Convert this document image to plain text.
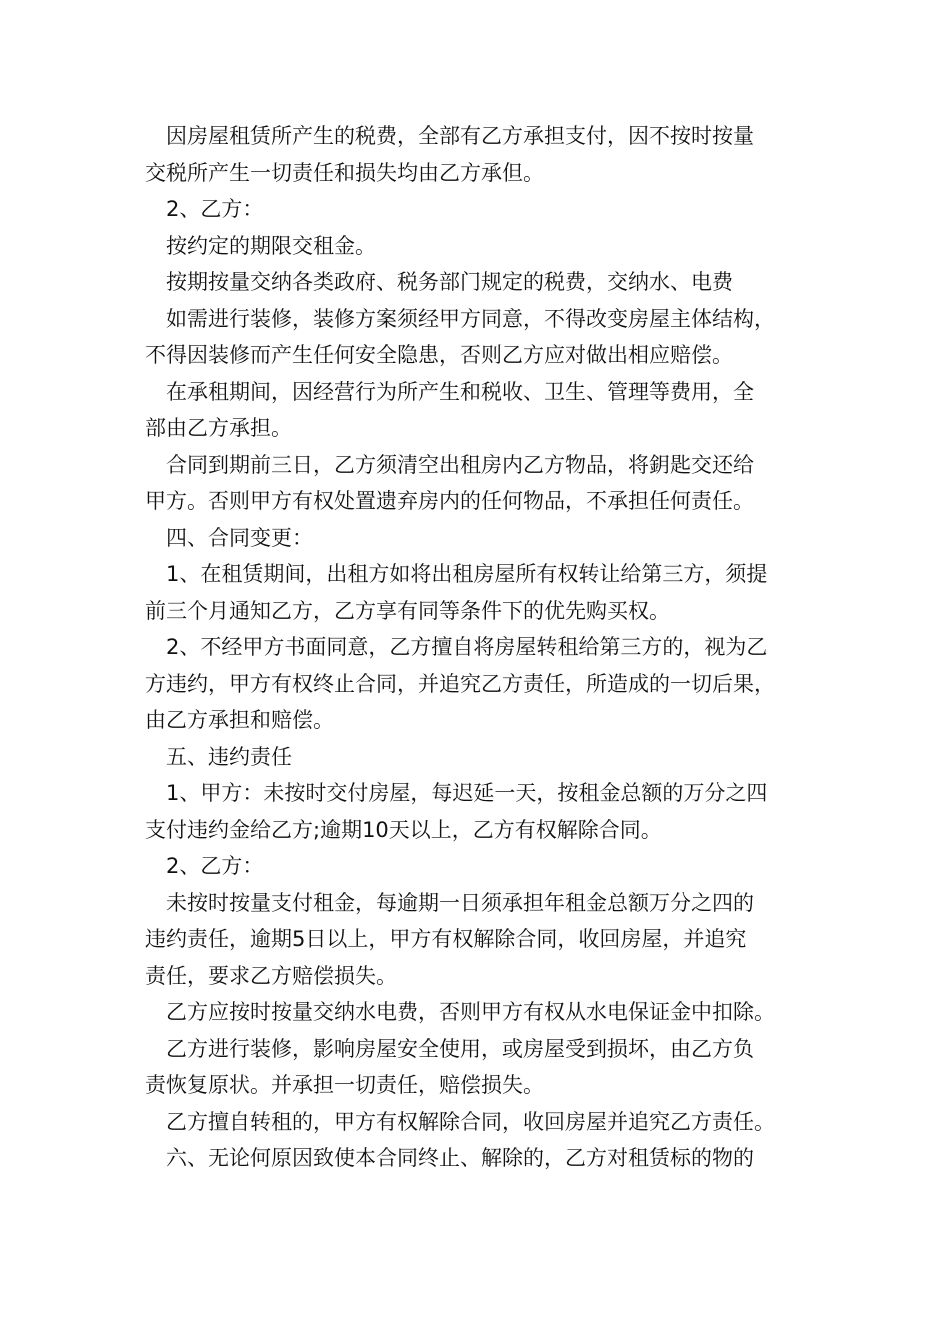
因房屋租赁所产生的税费，全部有乙方承担支付，因不按时按量

交税所产生一切责任和损失均由乙方承但。

2、乙方：

按约定的期限交租金。

按期按量交纳各类政府、税务部门规定的税费，交纳水、电费

如需进行装修，装修方案须经甲方同意，不得改变房屋主体结构，

不得因装修而产生任何安全隐患，否则乙方应对做出相应赔偿。

在承租期间，因经营行为所产生和税收、卫生、管理等费用，全

部由乙方承担。

合同到期前三日，乙方须清空出租房内乙方物品，将鈅匙交还给

甲方。否则甲方有权处置遗弃房内的任何物品，不承担任何责任。

四、合同变更：

1、在租赁期间，出租方如将出租房屋所有权转让给第三方，须提

前三个月通知乙方，乙方享有同等条件下的优先购买权。

2、不经甲方书面同意，乙方擅自将房屋转租给第三方的，视为乙

方违约，甲方有权终止合同，并追究乙方责任，所造成的一切后果，

由乙方承担和赔偿。

五、违约责任

1、甲方：未按时交付房屋，每迟延一天，按租金总额的万分之四

支付违约金给乙方;逾期10天以上，乙方有权解除合同。

2、乙方：

未按时按量支付租金，每逾期一日须承担年租金总额万分之四的

违约责任，逾期5日以上，甲方有权解除合同，收回房屋，并追究

责任，要求乙方赔偿损失。

乙方应按时按量交纳水电费，否则甲方有权从水电保证金中扣除。

乙方进行装修，影响房屋安全使用，或房屋受到损坏，由乙方负

责恢复原状。并承担一切责任，赔偿损失。

乙方擅自转租的，甲方有权解除合同，收回房屋并追究乙方责任。

六、无论何原因致使本合同终止、解除的，乙方对租赁标的物的
